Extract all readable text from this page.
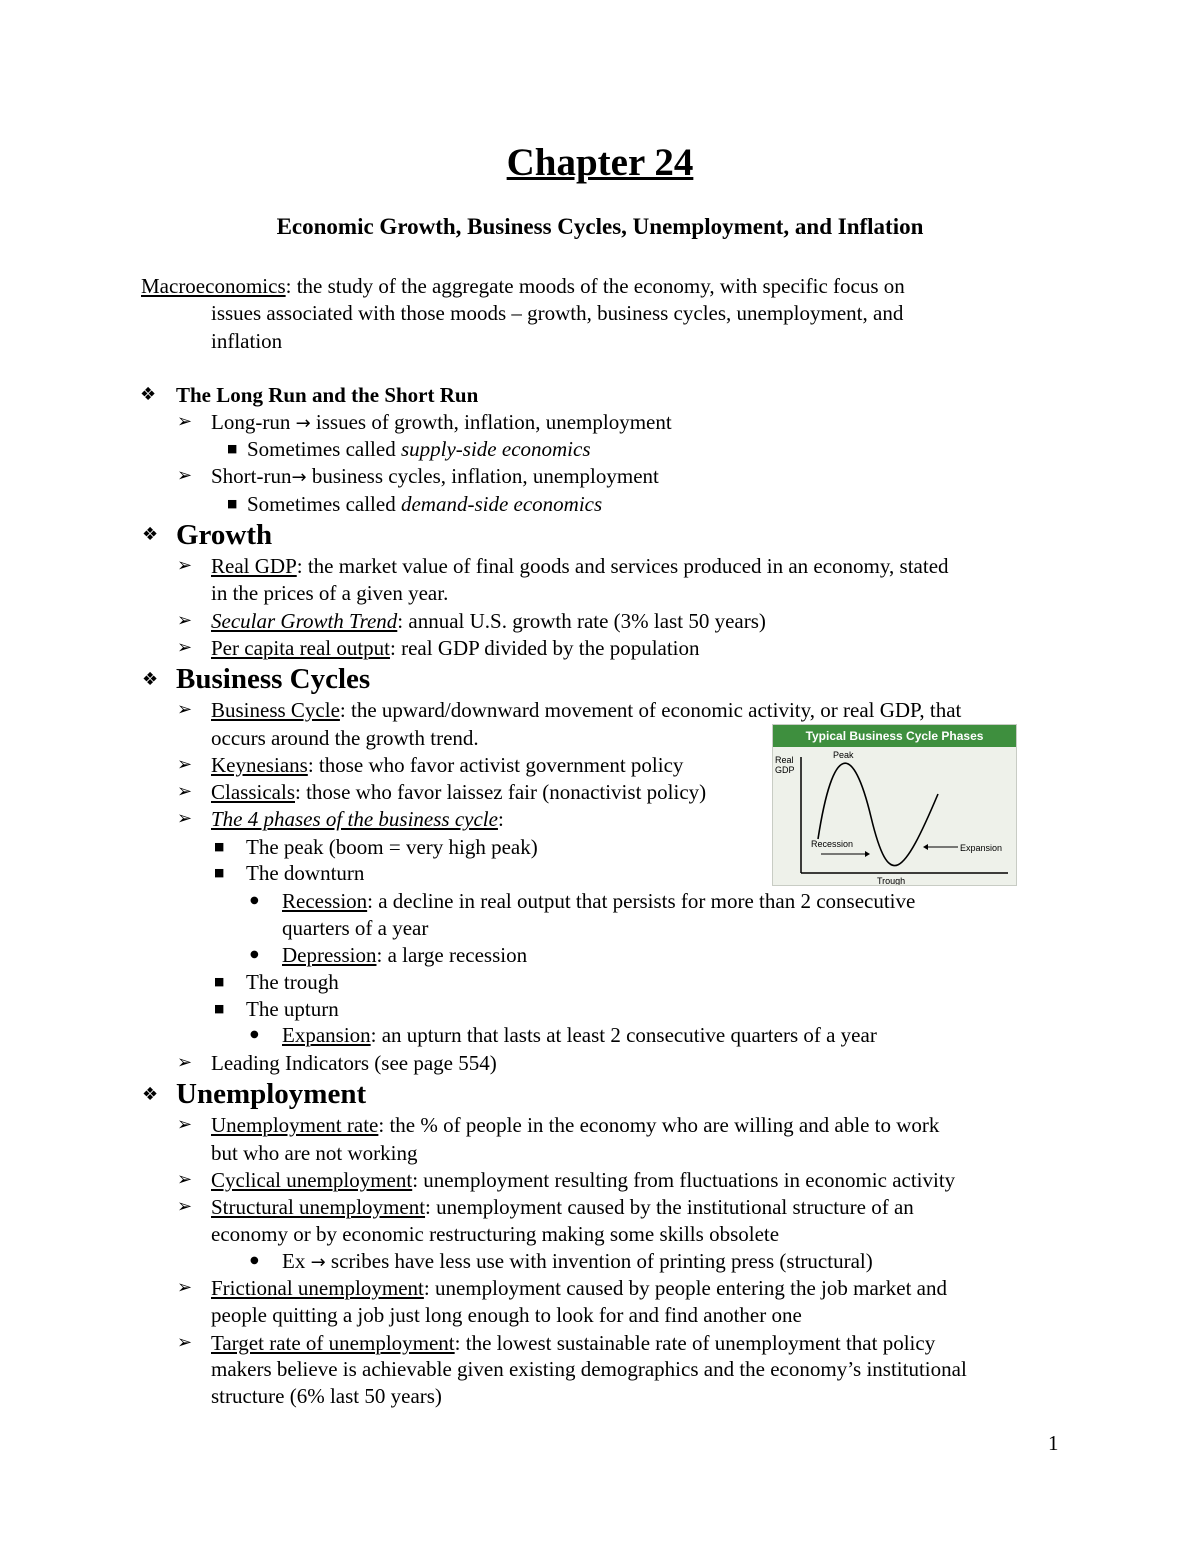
Chapter 24
Economic Growth, Business Cycles, Unemployment, and Inflation
Macroeconomics: the study of the aggregate moods of the economy, with specific focus on
issues associated with those moods – growth, business cycles, unemployment, and
inflation
❖ The Long Run and the Short Run
➢ Long-run → issues of growth, inflation, unemployment
■ Sometimes called supply-side economics
➢ Short-run→ business cycles, inflation, unemployment
■ Sometimes called demand-side economics
❖ Growth
➢ Real GDP: the market value of final goods and services produced in an economy, stated
in the prices of a given year.
➢ Secular Growth Trend: annual U.S. growth rate (3% last 50 years)
➢ Per capita real output: real GDP divided by the population
❖ Business Cycles
➢ Business Cycle: the upward/downward movement of economic activity, or real GDP, that
occurs around the growth trend.
➢ Keynesians: those who favor activist government policy
➢ Classicals: those who favor laissez fair (nonactivist policy)
➢ The 4 phases of the business cycle:
■ The peak (boom = very high peak)
■ The downturn
● Recession: a decline in real output that persists for more than 2 consecutive
quarters of a year
● Depression: a large recession
■ The trough
■ The upturn
● Expansion: an upturn that lasts at least 2 consecutive quarters of a year
➢ Leading Indicators (see page 554)
Typical Business Cycle Phases
Real
GDP
Peak
Recession	Expansion
Trough
❖ Unemployment
➢ Unemployment rate: the % of people in the economy who are willing and able to work
but who are not working
➢ Cyclical unemployment: unemployment resulting from fluctuations in economic activity
➢ Structural unemployment: unemployment caused by the institutional structure of an
economy or by economic restructuring making some skills obsolete
● Ex → scribes have less use with invention of printing press (structural)
➢ Frictional unemployment: unemployment caused by people entering the job market and
people quitting a job just long enough to look for and find another one
➢ Target rate of unemployment: the lowest sustainable rate of unemployment that policy
makers believe is achievable given existing demographics and the economy’s institutional
structure (6% last 50 years)
1
